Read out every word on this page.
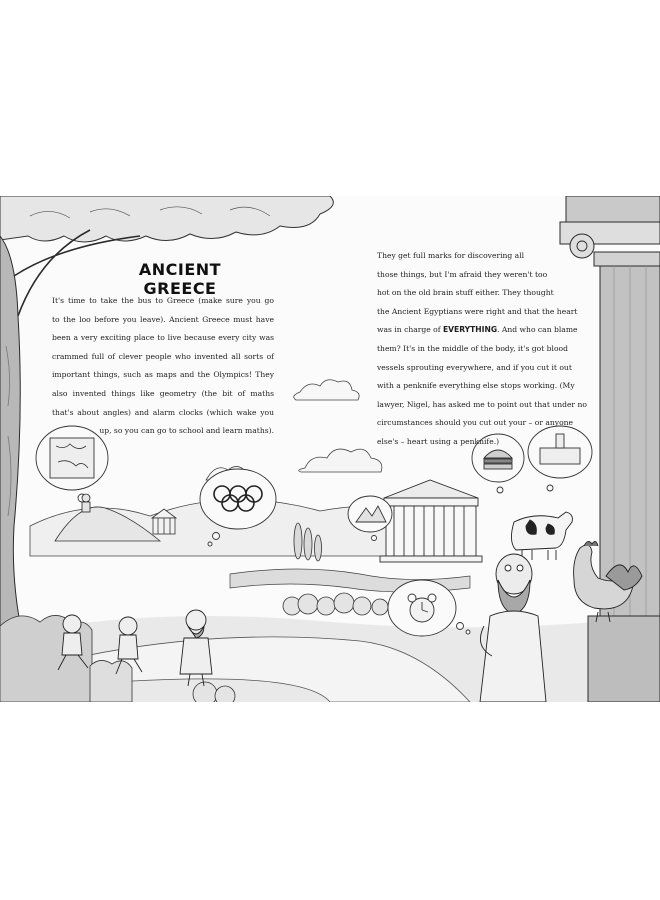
ANCIENT GREECE
It's time to take the bus to Greece (make sure you go
to the loo before you leave). Ancient Greece must have
been a very exciting place to live because every city was
crammed full of clever people who invented all sorts of
important things, such as maps and the Olympics! They
also invented things like geometry (the bit of maths
that's about angles) and alarm clocks (which wake you
up, so you can go to school and learn maths).
They get full marks for discovering all
those things, but I'm afraid they weren't too
hot on the old brain stuff either. They thought
the Ancient Egyptians were right and that the heart
was in charge of EVERYTHING. And who can blame
them? It's in the middle of the body, it's got blood
vessels sprouting everywhere, and if you cut it out
with a penknife everything else stops working. (My
lawyer, Nigel, has asked me to point out that under no
circumstances should you cut out your – or anyone
else's – heart using a penknife.)
